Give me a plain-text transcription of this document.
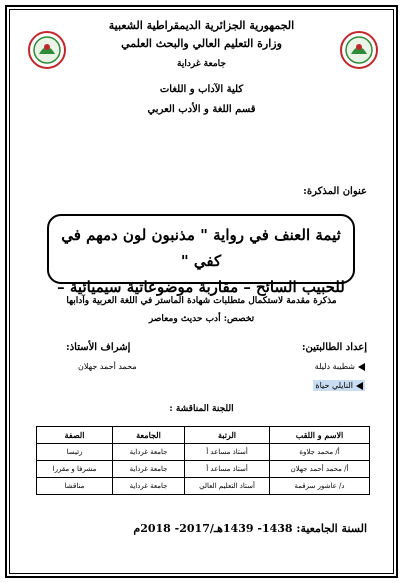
الجمهورية الجزائرية الديمقراطية الشعبية
وزارة التعليم العالي والبحث العلمي
جامعة غرداية
كلية الآداب و اللغات
قسم اللغة و الأدب العربي
عنوان المذكرة:
ثيمة العنف في رواية " مذنبون لون دمهم في كفي "
للحبيب السائح – مقاربة موضوعاتية سيميائية –
مذكرة مقدمة لاستكمال متطلبات شهادة الماستر في اللغة العربية وآدابها
تخصص: أدب حديث ومعاصر
إعداد الطالبتين:
شطيبة دليلة
النايلي حياة
إشراف الأستاذ:
محمد أحمد جهلان
اللجنة المناقشة :
الاسم و اللقب	الرتبة	الجامعة	الصفة
أ/ محمد جلاوة	أستاذ مساعد أ	جامعة غرداية	رئيسا
أ/ محمد أحمد جهلان	أستاذ مساعد أ	جامعة غرداية	مشرفا و مقررا
د/ عاشور سرقمة	أستاذ التعليم العالي	جامعة غرداية	مناقشا
السنة الجامعية: 1438- 1439هـ/2017- 2018م
